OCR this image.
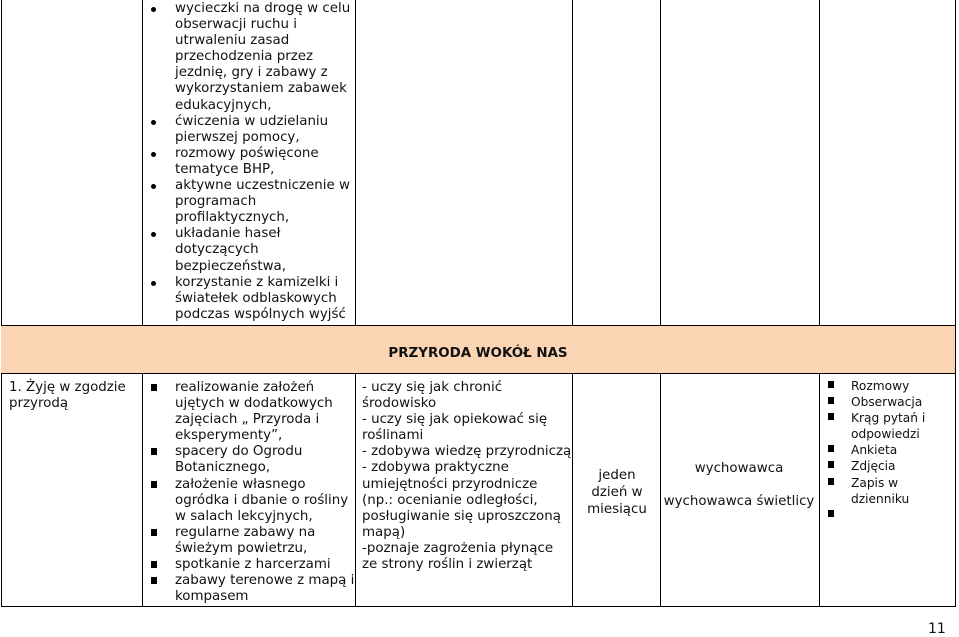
wycieczki na drogę w celu obserwacji ruchu i utrwaleniu zasad przechodzenia przez jezdnię, gry i zabawy z wykorzystaniem zabawek edukacyjnych,
ćwiczenia w udzielaniu pierwszej pomocy,
rozmowy poświęcone tematyce BHP,
aktywne uczestniczenie w programach profilaktycznych,
układanie haseł dotyczących bezpieczeństwa,
korzystanie z kamizelki i światełek odblaskowych podczas wspólnych wyjść
PRZYRODA WOKÓŁ NAS

1. Żyję w zgodzie przyrodą

realizowanie założeń ujętych w dodatkowych zajęciach „ Przyroda i eksperymenty”,
spacery do Ogrodu Botanicznego,
założenie własnego ogródka i dbanie o rośliny w salach lekcyjnych,
regularne zabawy na świeżym powietrzu,
spotkanie z harcerzami
zabawy terenowe z mapą i kompasem
- uczy się jak chronić środowisko
- uczy się jak opiekować się roślinami
- zdobywa wiedzę przyrodniczą
- zdobywa praktyczne umiejętności przyrodnicze (np.: ocenianie odległości, posługiwanie się uproszczoną mapą)
-poznaje zagrożenia płynące ze strony roślin i zwierząt
jeden dzień w miesiącu
wychowawca
wychowawca świetlicy
Rozmowy
Obserwacja
Krąg pytań i odpowiedzi
Ankieta
Zdjęcia
Zapis w dzienniku
11
